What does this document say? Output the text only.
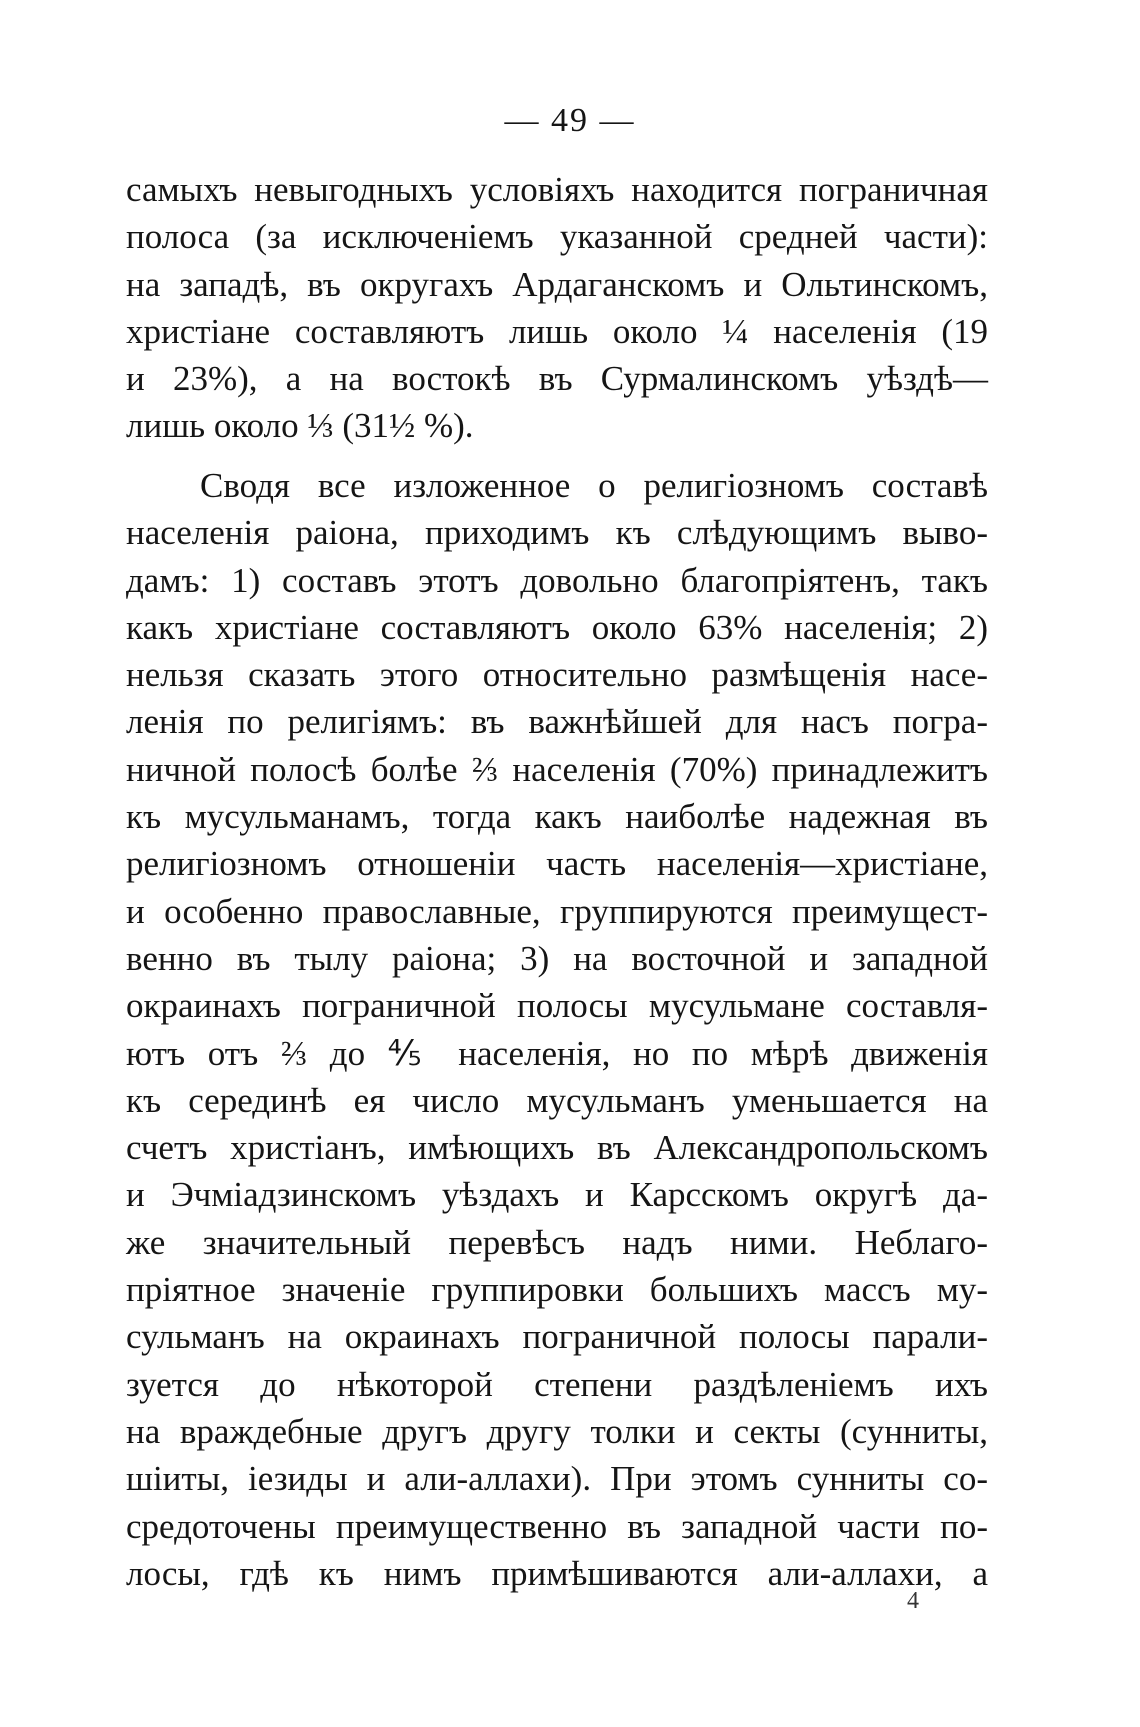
— 49 —
самыхъ невыгодныхъ условіяхъ находится пограничная
полоса (за исключеніемъ указанной средней части):
на западѣ, въ округахъ Ардаганскомъ и Ольтинскомъ,
христіане составляютъ лишь около ¼ населенія (19
и 23%), а на востокѣ въ Сурмалинскомъ уѣздѣ—
лишь около ⅓ (31½ %).
Сводя все изложенное о религіозномъ составѣ
населенія раіона, приходимъ къ слѣдующимъ выво-
дамъ: 1) составъ этотъ довольно благопріятенъ, такъ
какъ христіане составляютъ около 63% населенія; 2)
нельзя сказать этого относительно размѣщенія насе-
ленія по религіямъ: въ важнѣйшей для насъ погра-
ничной полосѣ болѣе ⅔ населенія (70%) принадлежитъ
къ мусульманамъ, тогда какъ наиболѣе надежная въ
религіозномъ отношеніи часть населенія—христіане,
и особенно православные, группируются преимущест-
венно въ тылу раіона; 3) на восточной и западной
окраинахъ пограничной полосы мусульмане составля-
ютъ отъ ⅔ до ⅘ населенія, но по мѣрѣ движенія
къ серединѣ ея число мусульманъ уменьшается на
счетъ христіанъ, имѣющихъ въ Александропольскомъ
и Эчміадзинскомъ уѣздахъ и Карсскомъ округѣ да-
же значительный перевѣсъ надъ ними. Неблаго-
пріятное значеніе группировки большихъ массъ му-
сульманъ на окраинахъ пограничной полосы парали-
зуется до нѣкоторой степени раздѣленіемъ ихъ
на враждебные другъ другу толки и секты (сунниты,
шіиты, іезиды и али-аллахи). При этомъ сунниты со-
средоточены преимущественно въ западной части по-
лосы, гдѣ къ нимъ примѣшиваются али-аллахи, а
4
